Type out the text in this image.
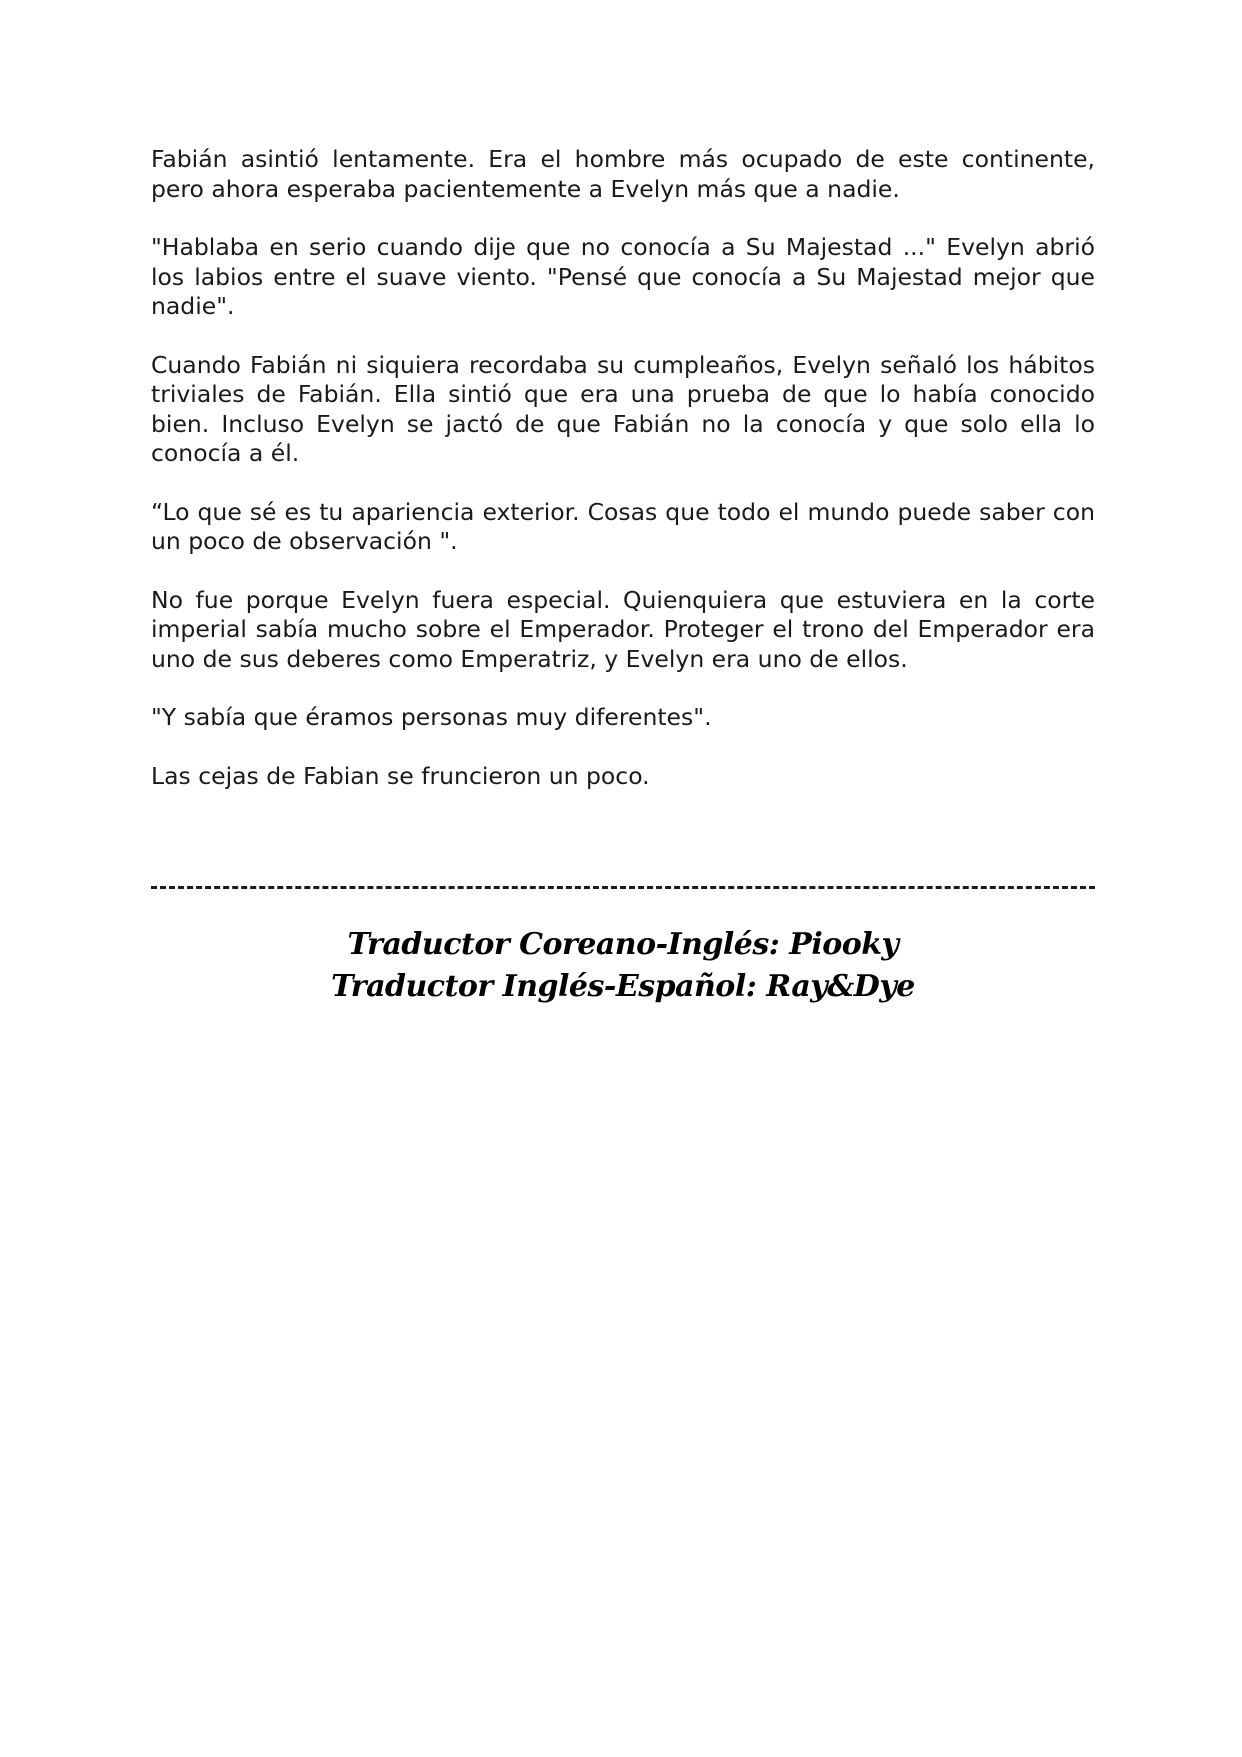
Fabián asintió lentamente. Era el hombre más ocupado de este continente, pero ahora esperaba pacientemente a Evelyn más que a nadie.

"Hablaba en serio cuando dije que no conocía a Su Majestad ..." Evelyn abrió los labios entre el suave viento. "Pensé que conocía a Su Majestad mejor que nadie".

Cuando Fabián ni siquiera recordaba su cumpleaños, Evelyn señaló los hábitos triviales de Fabián. Ella sintió que era una prueba de que lo había conocido bien. Incluso Evelyn se jactó de que Fabián no la conocía y que solo ella lo conocía a él.

“Lo que sé es tu apariencia exterior. Cosas que todo el mundo puede saber con un poco de observación ".

No fue porque Evelyn fuera especial. Quienquiera que estuviera en la corte imperial sabía mucho sobre el Emperador. Proteger el trono del Emperador era uno de sus deberes como Emperatriz, y Evelyn era uno de ellos.

"Y sabía que éramos personas muy diferentes".

Las cejas de Fabian se fruncieron un poco.

Traductor Coreano-Inglés: Piooky
Traductor Inglés-Español: Ray&Dye
